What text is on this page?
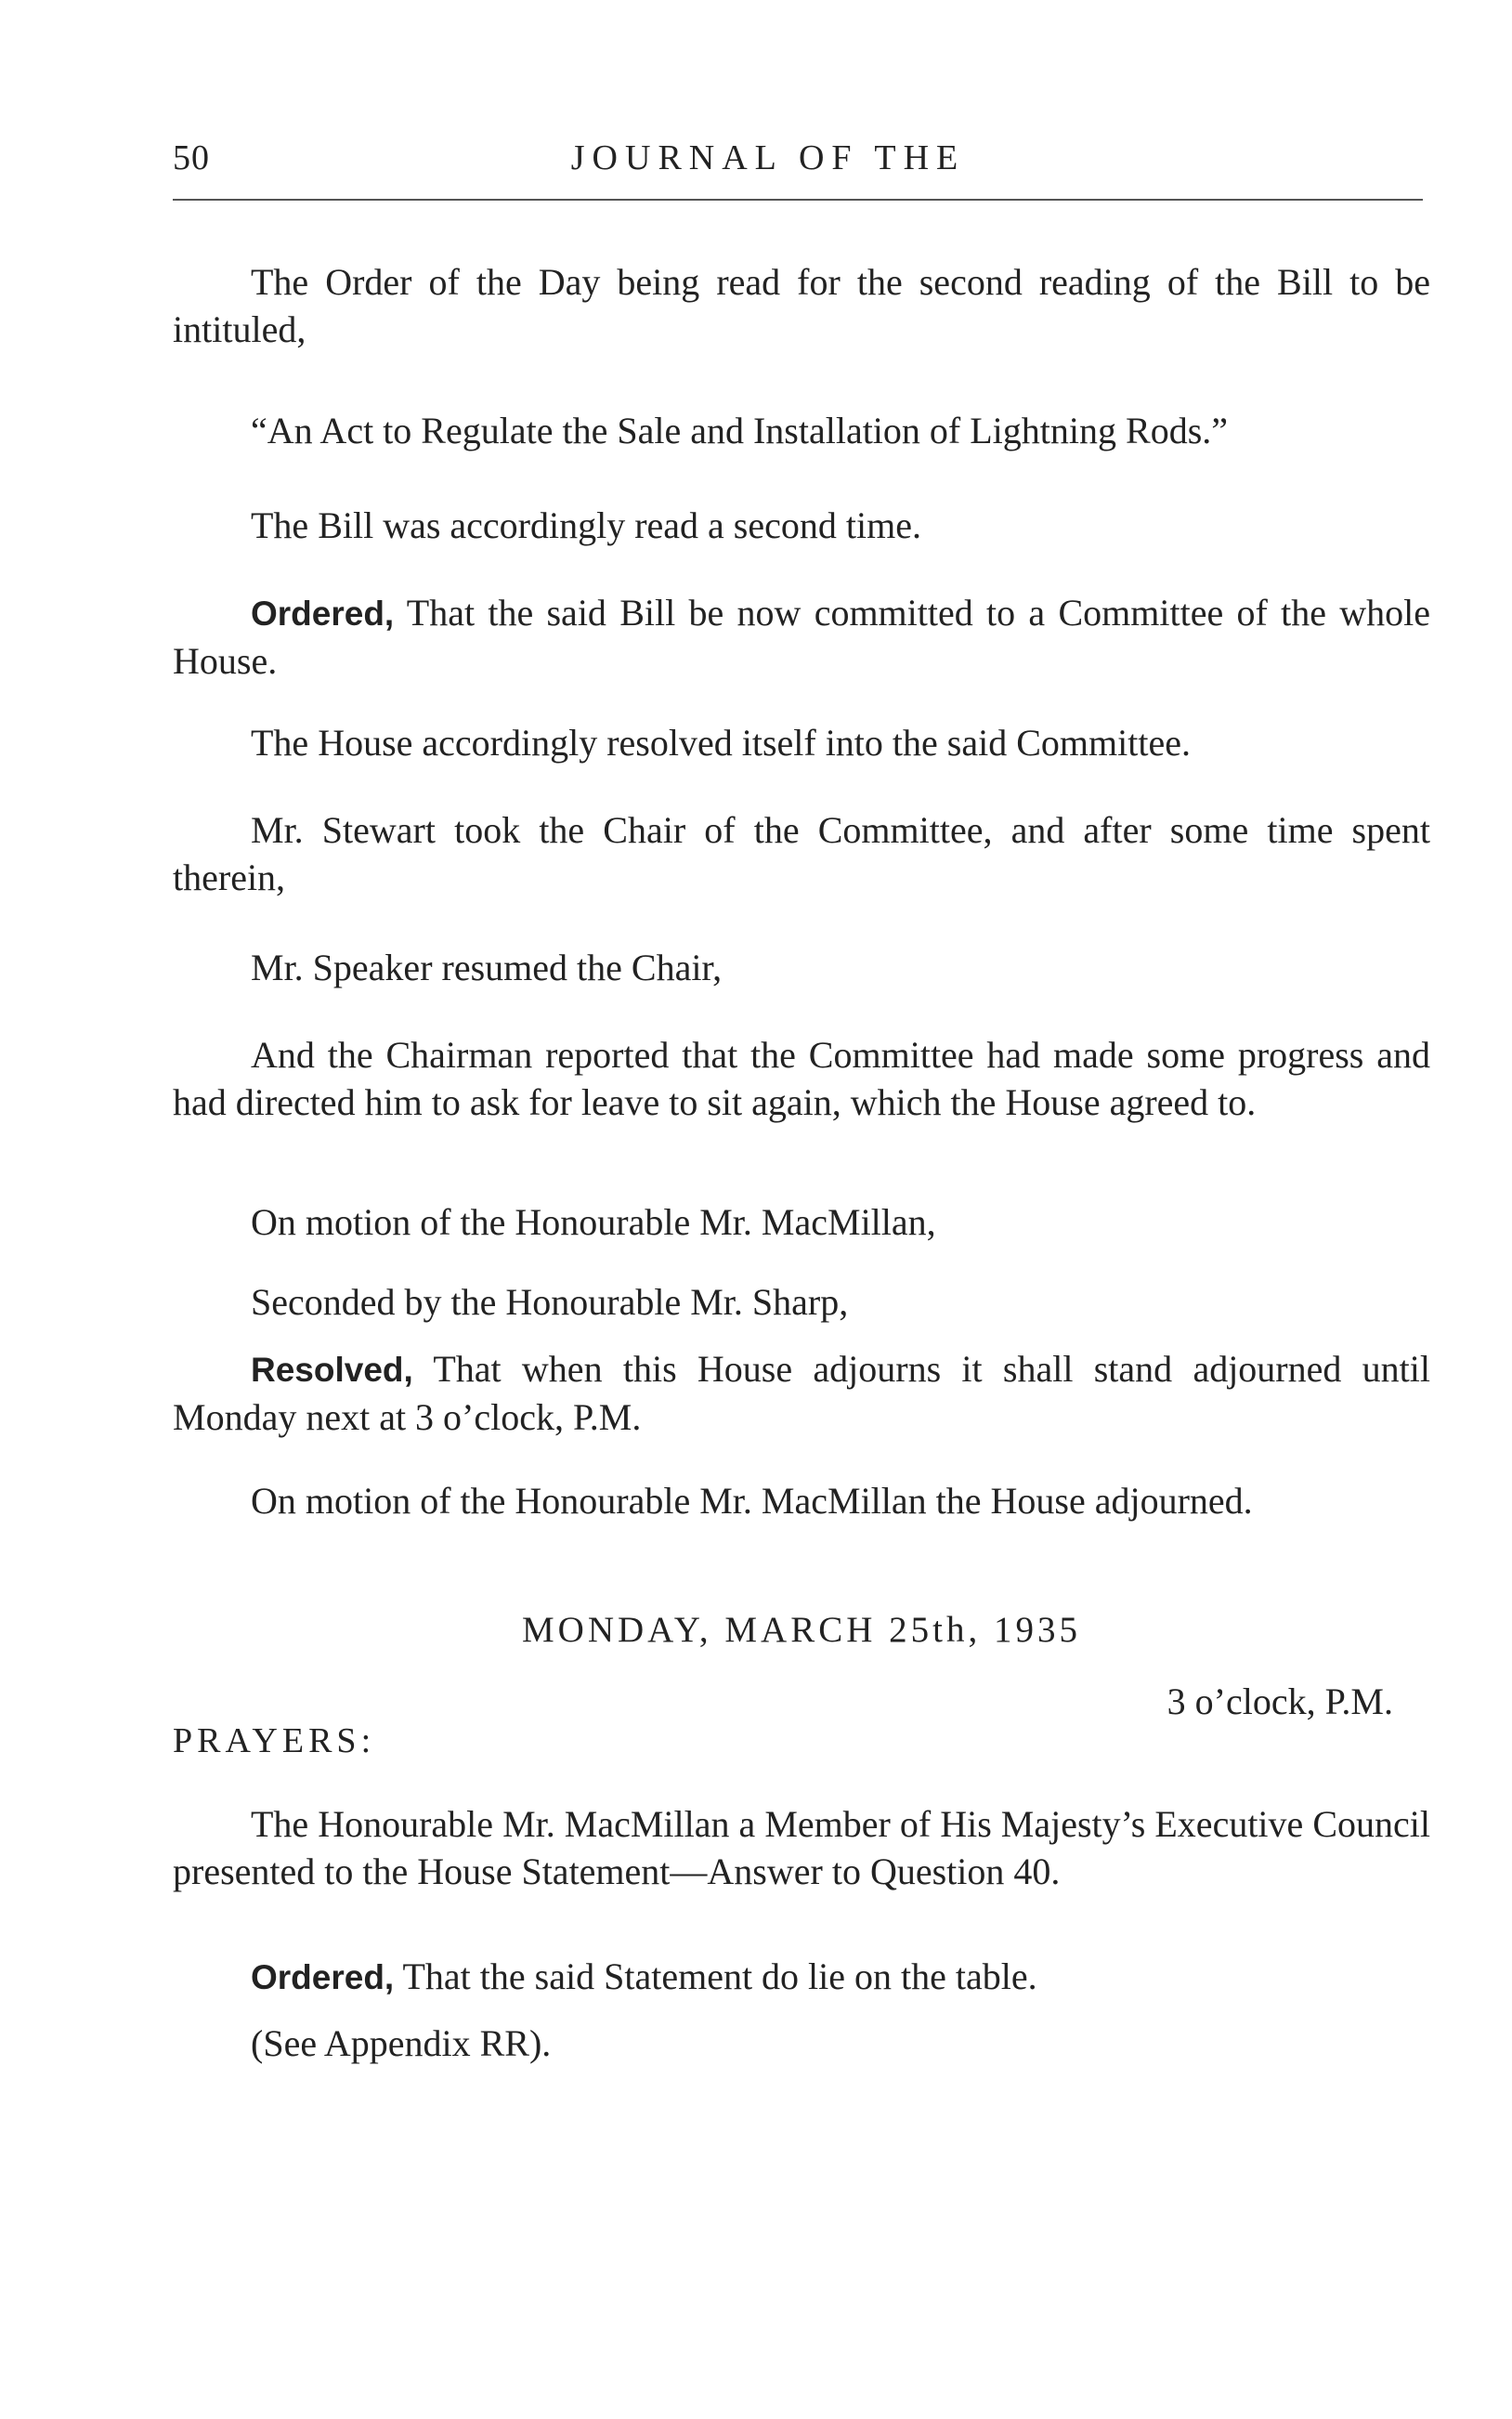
50	JOURNAL OF THE
The Order of the Day being read for the second reading of the Bill to be intituled,
“An Act to Regulate the Sale and Installation of Lightning Rods.”
The Bill was accordingly read a second time.
Ordered, That the said Bill be now committed to a Committee of the whole House.
The House accordingly resolved itself into the said Committee.
Mr. Stewart took the Chair of the Committee, and after some time spent therein,
Mr. Speaker resumed the Chair,
And the Chairman reported that the Committee had made some progress and had directed him to ask for leave to sit again, which the House agreed to.
On motion of the Honourable Mr. MacMillan,
Seconded by the Honourable Mr. Sharp,
Resolved, That when this House adjourns it shall stand adjourned until Monday next at 3 o’clock, P.M.
On motion of the Honourable Mr. MacMillan the House adjourned.
MONDAY, MARCH 25th, 1935
3 o’clock, P.M.
PRAYERS:
The Honourable Mr. MacMillan a Member of His Majesty’s Executive Council presented to the House Statement—Answer to Question 40.
Ordered, That the said Statement do lie on the table.
(See Appendix RR).
